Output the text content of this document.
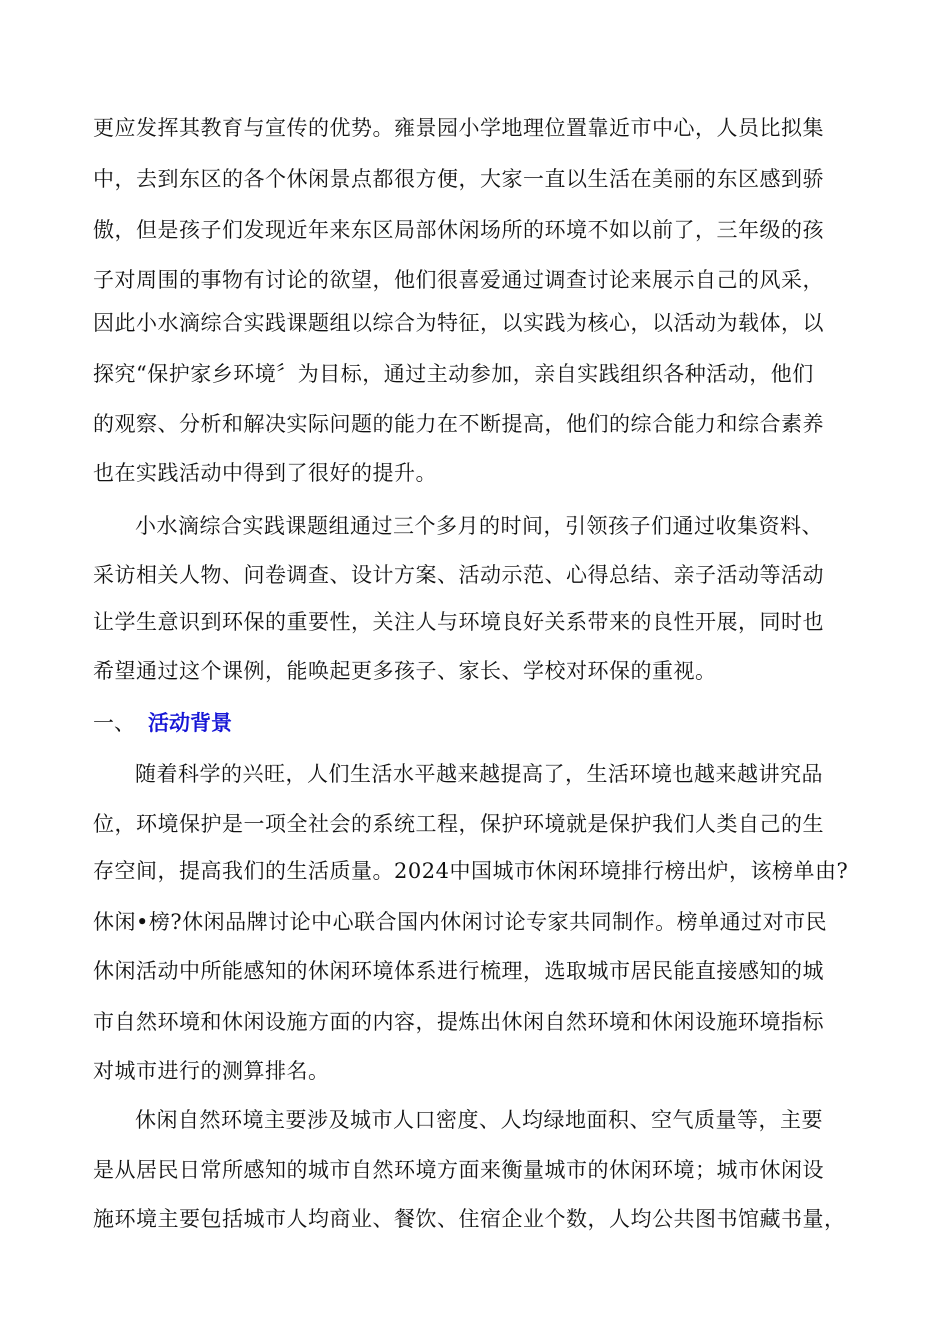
更应发挥其教育与宣传的优势。雍景园小学地理位置靠近市中心，人员比拟集
中，去到东区的各个休闲景点都很方便，大家一直以生活在美丽的东区感到骄
傲，但是孩子们发现近年来东区局部休闲场所的环境不如以前了，三年级的孩
子对周围的事物有讨论的欲望，他们很喜爱通过调查讨论来展示自己的风采，
因此小水滴综合实践课题组以综合为特征，以实践为核心，以活动为载体，以
探究“保护家乡环境〞为目标，通过主动参加，亲自实践组织各种活动，他们
的观察、分析和解决实际问题的能力在不断提高，他们的综合能力和综合素养
也在实践活动中得到了很好的提升。
小水滴综合实践课题组通过三个多月的时间，引领孩子们通过收集资料、
采访相关人物、问卷调查、设计方案、活动示范、心得总结、亲子活动等活动
让学生意识到环保的重要性，关注人与环境良好关系带来的良性开展，同时也
希望通过这个课例，能唤起更多孩子、家长、学校对环保的重视。
一、 活动背景
随着科学的兴旺，人们生活水平越来越提高了，生活环境也越来越讲究品
位，环境保护是一项全社会的系统工程，保护环境就是保护我们人类自己的生
存空间，提高我们的生活质量。2024中国城市休闲环境排行榜出炉，该榜单由?
休闲•榜?休闲品牌讨论中心联合国内休闲讨论专家共同制作。榜单通过对市民
休闲活动中所能感知的休闲环境体系进行梳理，选取城市居民能直接感知的城
市自然环境和休闲设施方面的内容，提炼出休闲自然环境和休闲设施环境指标
对城市进行的测算排名。
休闲自然环境主要涉及城市人口密度、人均绿地面积、空气质量等，主要
是从居民日常所感知的城市自然环境方面来衡量城市的休闲环境；城市休闲设
施环境主要包括城市人均商业、餐饮、住宿企业个数，人均公共图书馆藏书量，
